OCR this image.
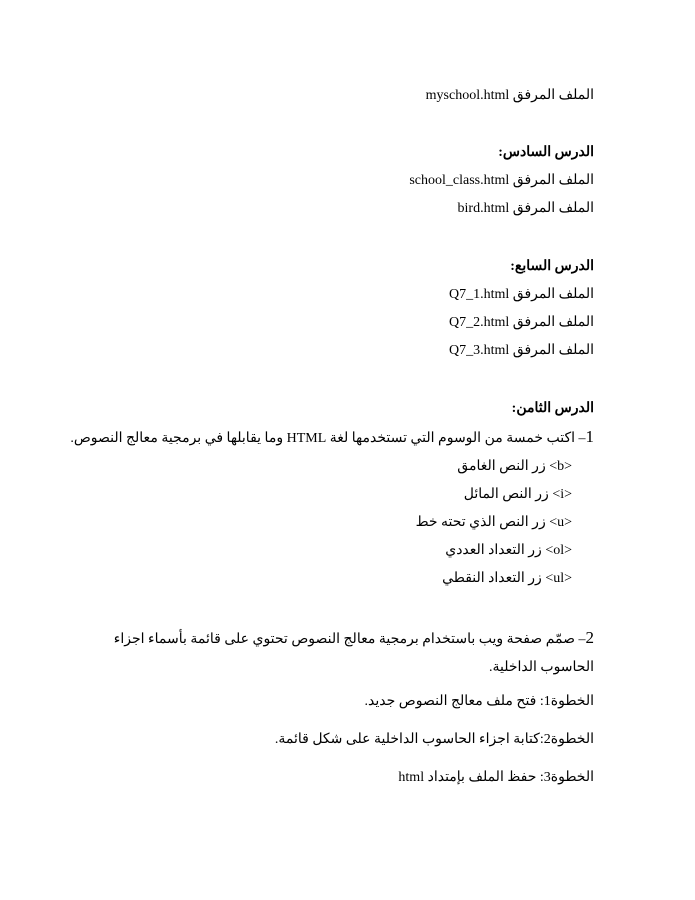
الملف المرفق myschool.html
الدرس السادس:
الملف المرفق school_class.html
الملف المرفق bird.html
الدرس السابع:
الملف المرفق Q7_1.html
الملف المرفق Q7_2.html
الملف المرفق Q7_3.html
الدرس الثامن:
1– اكتب خمسة من الوسوم التي تستخدمها لغة HTML وما يقابلها في برمجية معالج النصوص.
<b> زر النص الغامق
<i> زر النص المائل
<u> زر النص الذي تحته خط
<ol> زر التعداد العددي
<ul> زر التعداد النقطي
2– صمّم صفحة ويب باستخدام برمجية معالج النصوص تحتوي على قائمة بأسماء اجزاء الحاسوب الداخلية.
الخطوة1: فتح ملف معالج النصوص جديد.
الخطوة2:كتابة اجزاء الحاسوب الداخلية على شكل قائمة.
الخطوة3: حفظ الملف بإمتداد html
